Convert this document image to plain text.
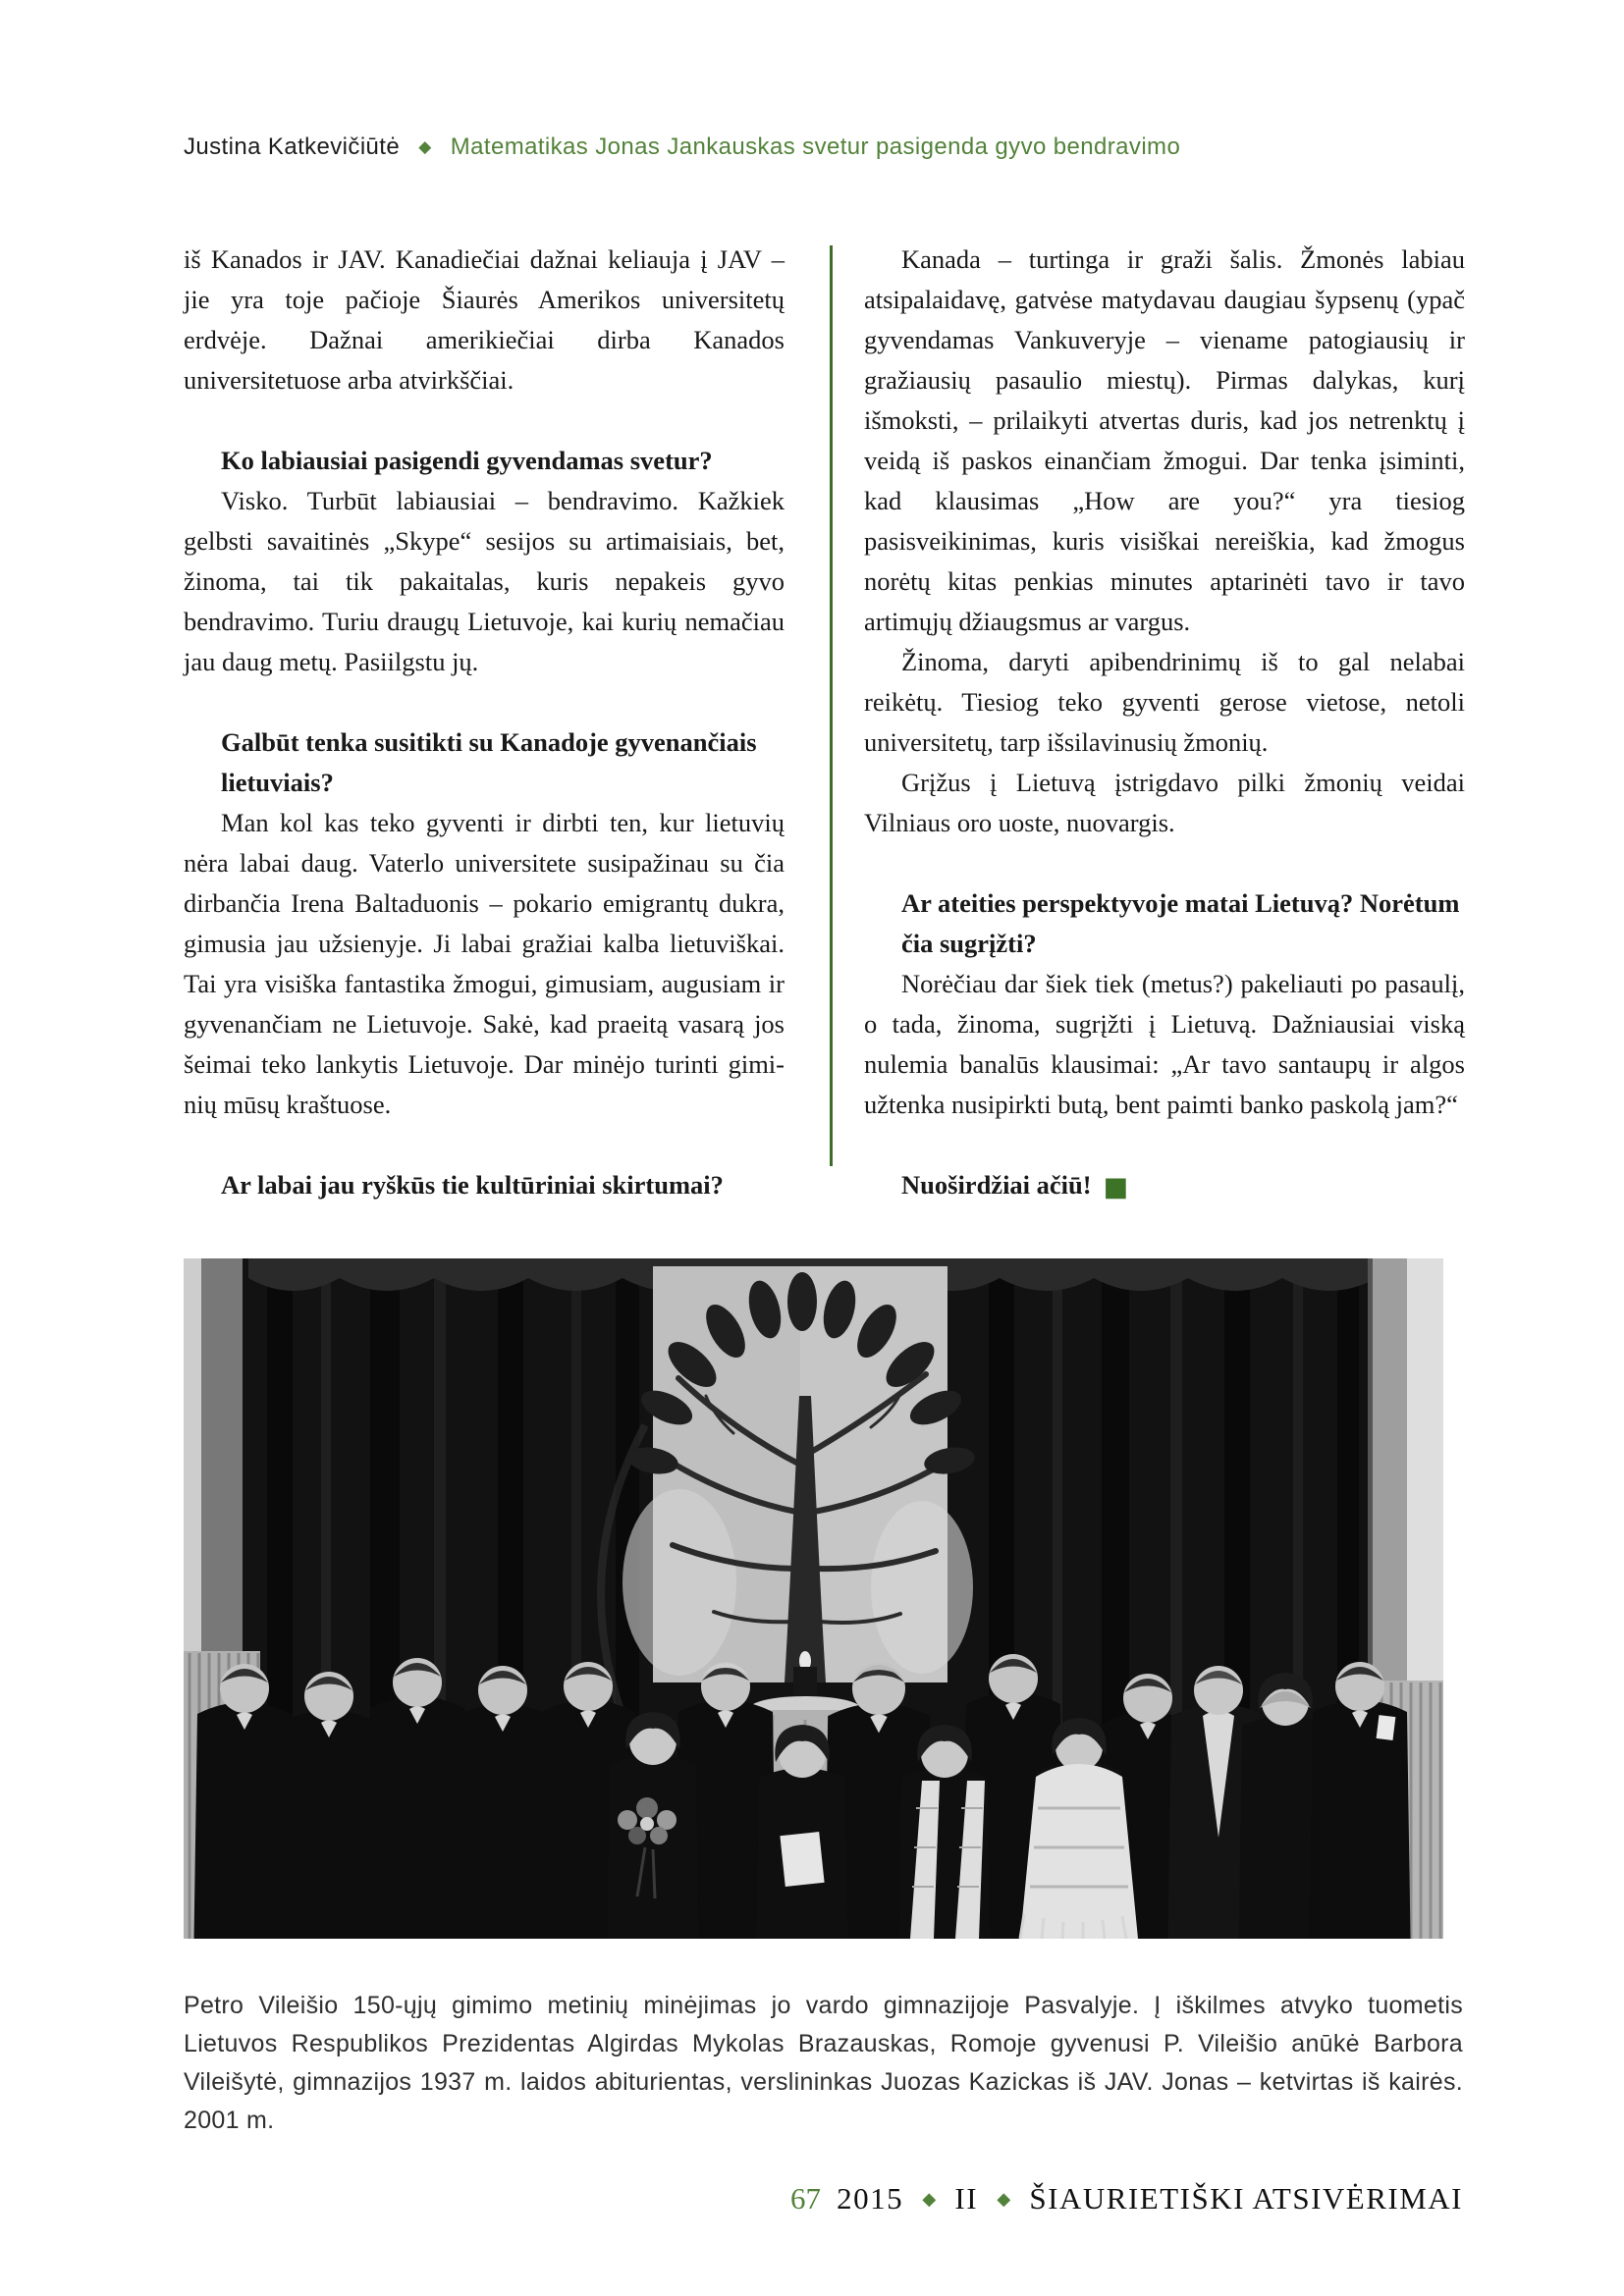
Justina Katkevičiūtė ◆ Matematikas Jonas Jankauskas svetur pasigenda gyvo bendravimo

iš Kanados ir JAV. Kanadiečiai dažnai keliauja į JAV – jie yra toje pačioje Šiaurės Amerikos universitetų erdvėje. Dažnai amerikiečiai dirba Kanados universitetuose arba atvirkščiai.

Ko labiausiai pasigendi gyvendamas svetur?

Visko. Turbūt labiausiai – bendravimo. Kažkiek gelbsti savaitinės „Skype“ sesijos su artimaisiais, bet, žinoma, tai tik pakaitalas, kuris nepakeis gyvo bendravimo. Turiu draugų Lietuvoje, kai kurių nemačiau jau daug metų. Pasiilgstu jų.

Galbūt tenka susitikti su Kanadoje gyvenančiais lietuviais?

Man kol kas teko gyventi ir dirbti ten, kur lietuvių nėra labai daug. Vaterlo universitete susipažinau su čia dirbančia Irena Baltaduonis – pokario emigrantų dukra, gimusia jau užsienyje. Ji labai gražiai kalba lietuviškai. Tai yra visiška fantastika žmogui, gimusiam, augusiam ir gyvenančiam ne Lietuvoje. Sakė, kad praeitą vasarą jos šeimai teko lankytis Lietuvoje. Dar minėjo turinti giminių mūsų kraštuose.

Ar labai jau ryškūs tie kultūriniai skirtumai?

Kanada – turtinga ir graži šalis. Žmonės labiau atsipalaidavę, gatvėse matydavau daugiau šypsenų (ypač gyvendamas Vankuveryje – viename patogiausių ir gražiausių pasaulio miestų). Pirmas dalykas, kurį išmoksti, – prilaikyti atvertas duris, kad jos netrenktų į veidą iš paskos einančiam žmogui. Dar tenka įsiminti, kad klausimas „How are you?“ yra tiesiog pasisveikinimas, kuris visiškai nereiškia, kad žmogus norėtų kitas penkias minutes aptarinėti tavo ir tavo artimųjų džiaugsmus ar vargus.

Žinoma, daryti apibendrinimų iš to gal nelabai reikėtų. Tiesiog teko gyventi gerose vietose, netoli universitetų, tarp išsilavinusių žmonių.

Grįžus į Lietuvą įstrigdavo pilki žmonių veidai Vilniaus oro uoste, nuovargis.

Ar ateities perspektyvoje matai Lietuvą? Norėtum čia sugrįžti?

Norėčiau dar šiek tiek (metus?) pakeliauti po pasaulį, o tada, žinoma, sugrįžti į Lietuvą. Dažniausiai viską nulemia banalūs klausimai: „Ar tavo santaupų ir algos užtenka nusipirkti butą, bent paimti banko paskolą jam?“

Nuoširdžiai ačiū! ■

Petro Vileišio 150-ųjų gimimo metinių minėjimas jo vardo gimnazijoje Pasvalyje. Į iškilmes atvyko tuometis Lietuvos Respublikos Prezidentas Algirdas Mykolas Brazauskas, Romoje gyvenusi P. Vileišio anūkė Barbora Vileišytė, gimnazijos 1937 m. laidos abiturientas, verslininkas Juozas Kazickas iš JAV. Jonas – ketvirtas iš kairės. 2001 m.
67 2015 ◆ II ◆ ŠIAURIETIŠKI ATSIVĖRIMAI
